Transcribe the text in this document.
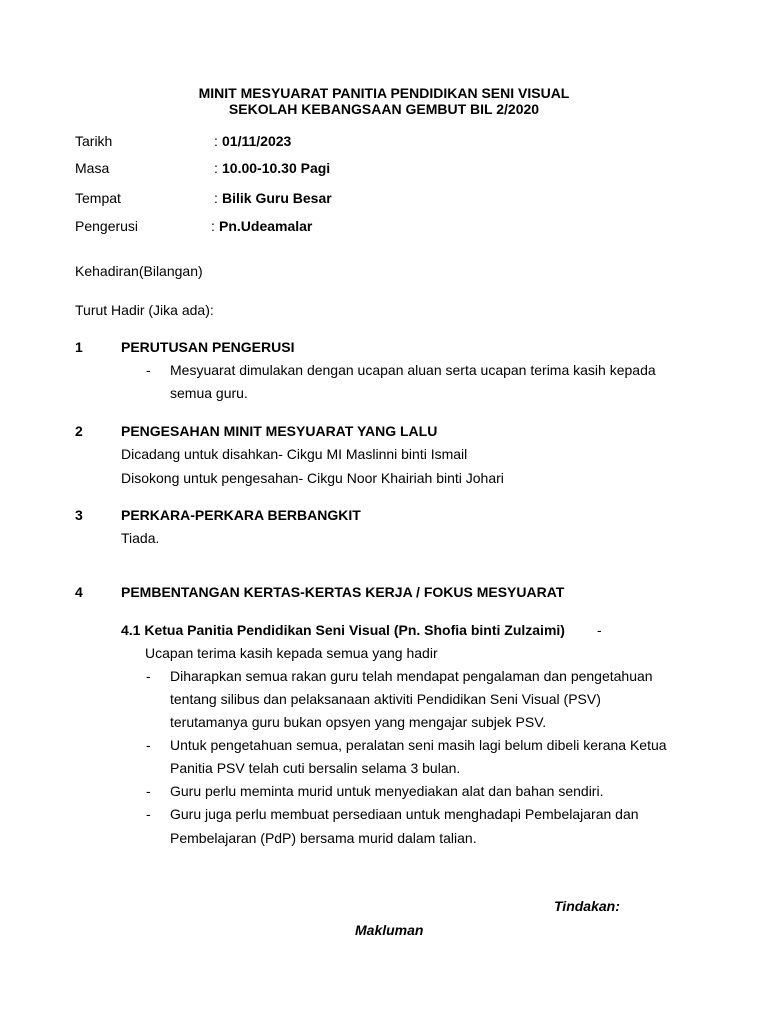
MINIT MESYUARAT PANITIA PENDIDIKAN SENI VISUAL
SEKOLAH KEBANGSAAN GEMBUT BIL 2/2020
Tarikh	: 01/11/2023
Masa	: 10.00-10.30 Pagi
Tempat	: Bilik Guru Besar
Pengerusi	: Pn.Udeamalar
Kehadiran(Bilangan)
Turut Hadir (Jika ada):
1	PERUTUSAN PENGERUSI
- Mesyuarat dimulakan dengan ucapan aluan serta ucapan terima kasih kepada
semua guru.
2	PENGESAHAN MINIT MESYUARAT YANG LALU
Dicadang untuk disahkan- Cikgu MI Maslinni binti Ismail
Disokong untuk pengesahan- Cikgu Noor Khairiah binti Johari
3	PERKARA-PERKARA BERBANGKIT
Tiada.
4	PEMBENTANGAN KERTAS-KERTAS KERJA / FOKUS MESYUARAT
4.1 Ketua Panitia Pendidikan Seni Visual (Pn. Shofia binti Zulzaimi) -
Ucapan terima kasih kepada semua yang hadir
- Diharapkan semua rakan guru telah mendapat pengalaman dan pengetahuan
tentang silibus dan pelaksanaan aktiviti Pendidikan Seni Visual (PSV)
terutamanya guru bukan opsyen yang mengajar subjek PSV.
- Untuk pengetahuan semua, peralatan seni masih lagi belum dibeli kerana Ketua
Panitia PSV telah cuti bersalin selama 3 bulan.
- Guru perlu meminta murid untuk menyediakan alat dan bahan sendiri.
- Guru juga perlu membuat persediaan untuk menghadapi Pembelajaran dan
Pembelajaran (PdP) bersama murid dalam talian.
Tindakan:
Makluman
